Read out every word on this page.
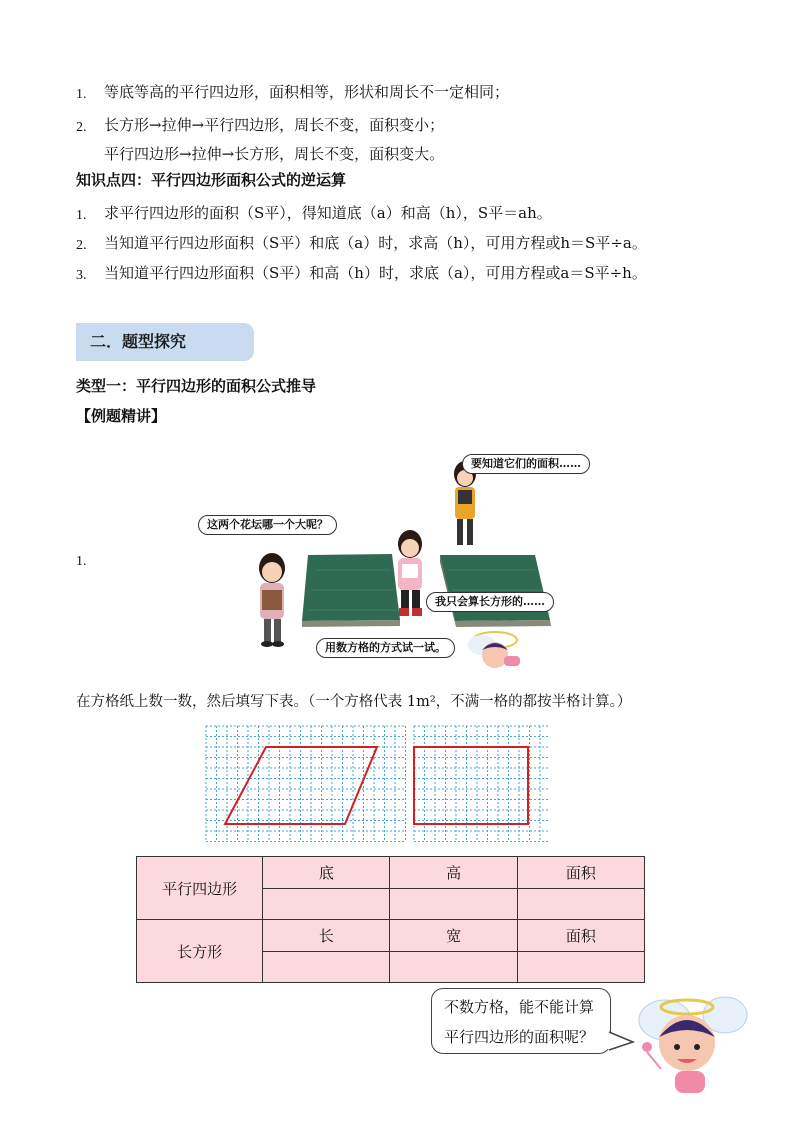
1. 等底等高的平行四边形，面积相等，形状和周长不一定相同；
2. 长方形→拉伸→平行四边形，周长不变，面积变小；
平行四边形→拉伸→长方形，周长不变，面积变大。
知识点四：平行四边形面积公式的逆运算
1. 求平行四边形的面积（S平），得知道底（a）和高（h），S平＝ah。
2. 当知道平行四边形面积（S平）和底（a）时，求高（h），可用方程或h＝S平÷a。
3. 当知道平行四边形面积（S平）和高（h）时，求底（a），可用方程或a＝S平÷h。
二．题型探究
类型一：平行四边形的面积公式推导
【例题精讲】
1.
这两个花坛哪一个大呢？
要知道它们的面积……
我只会算长方形的……
用数方格的方式试一试。
在方格纸上数一数，然后填写下表。（一个方格代表 1m²，不满一格的都按半格计算。）
平行四边形	底	高	面积

长方形	长	宽	面积

不数方格，能不能计算
平行四边形的面积呢？
